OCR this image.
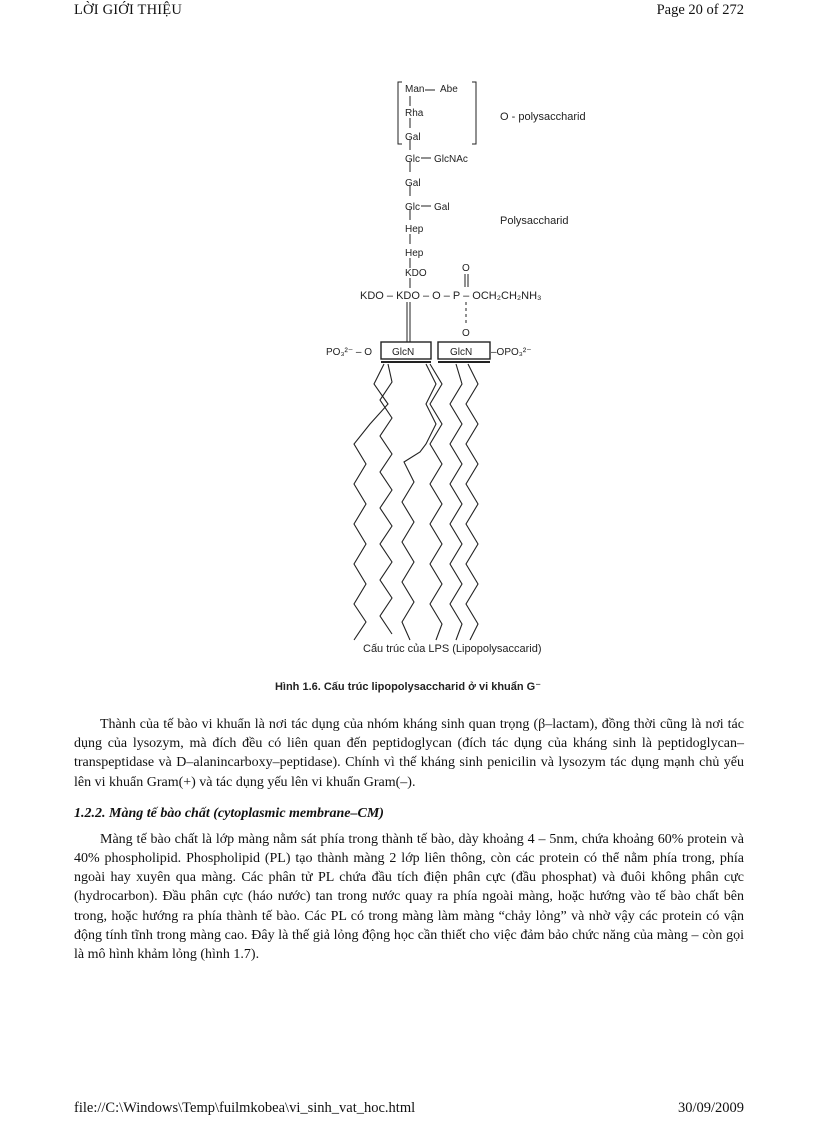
LỜI GIỚI THIỆU	Page 20 of 272
Man Abe
Rha
Gal
Glc GlcNAc
Gal
Glc Gal
Hep
Hep
KDO
O - polysaccharid
Polysaccharid
O
KDO – KDO – O – P – OCH₂CH₂NH₃
O
PO₃²⁻ – O GlcN	GlcN –OPO₃²⁻
Cấu trúc của LPS (Lipopolysaccarid)
Hình 1.6. Cấu trúc lipopolysaccharid ở vi khuẩn G⁻

Thành của tế bào vi khuẩn là nơi tác dụng của nhóm kháng sinh quan trọng (β–lactam), đồng thời cũng là nơi tác dụng của lysozym, mà đích đều có liên quan đến peptidoglycan (đích tác dụng của kháng sinh là peptidoglycan–transpeptidase và D–alanincarboxy–peptidase). Chính vì thế kháng sinh penicilin và lysozym tác dụng mạnh chủ yếu lên vi khuẩn Gram(+) và tác dụng yếu lên vi khuẩn Gram(–).

1.2.2. Màng tế bào chất (cytoplasmic membrane–CM)

Màng tế bào chất là lớp màng nằm sát phía trong thành tế bào, dày khoảng 4 – 5nm, chứa khoảng 60% protein và 40% phospholipid. Phospholipid (PL) tạo thành màng 2 lớp liên thông, còn các protein có thể nằm phía trong, phía ngoài hay xuyên qua màng. Các phân tử PL chứa đầu tích điện phân cực (đầu phosphat) và đuôi không phân cực (hydrocarbon). Đầu phân cực (háo nước) tan trong nước quay ra phía ngoài màng, hoặc hướng vào tế bào chất bên trong, hoặc hướng ra phía thành tế bào. Các PL có trong màng làm màng “chảy lỏng” và nhờ vậy các protein có vận động tính tĩnh trong màng cao. Đây là thế giả lỏng động học cần thiết cho việc đảm bảo chức năng của màng – còn gọi là mô hình khảm lỏng (hình 1.7).

file://C:\Windows\Temp\fuilmkobea\vi_sinh_vat_hoc.html	30/09/2009
